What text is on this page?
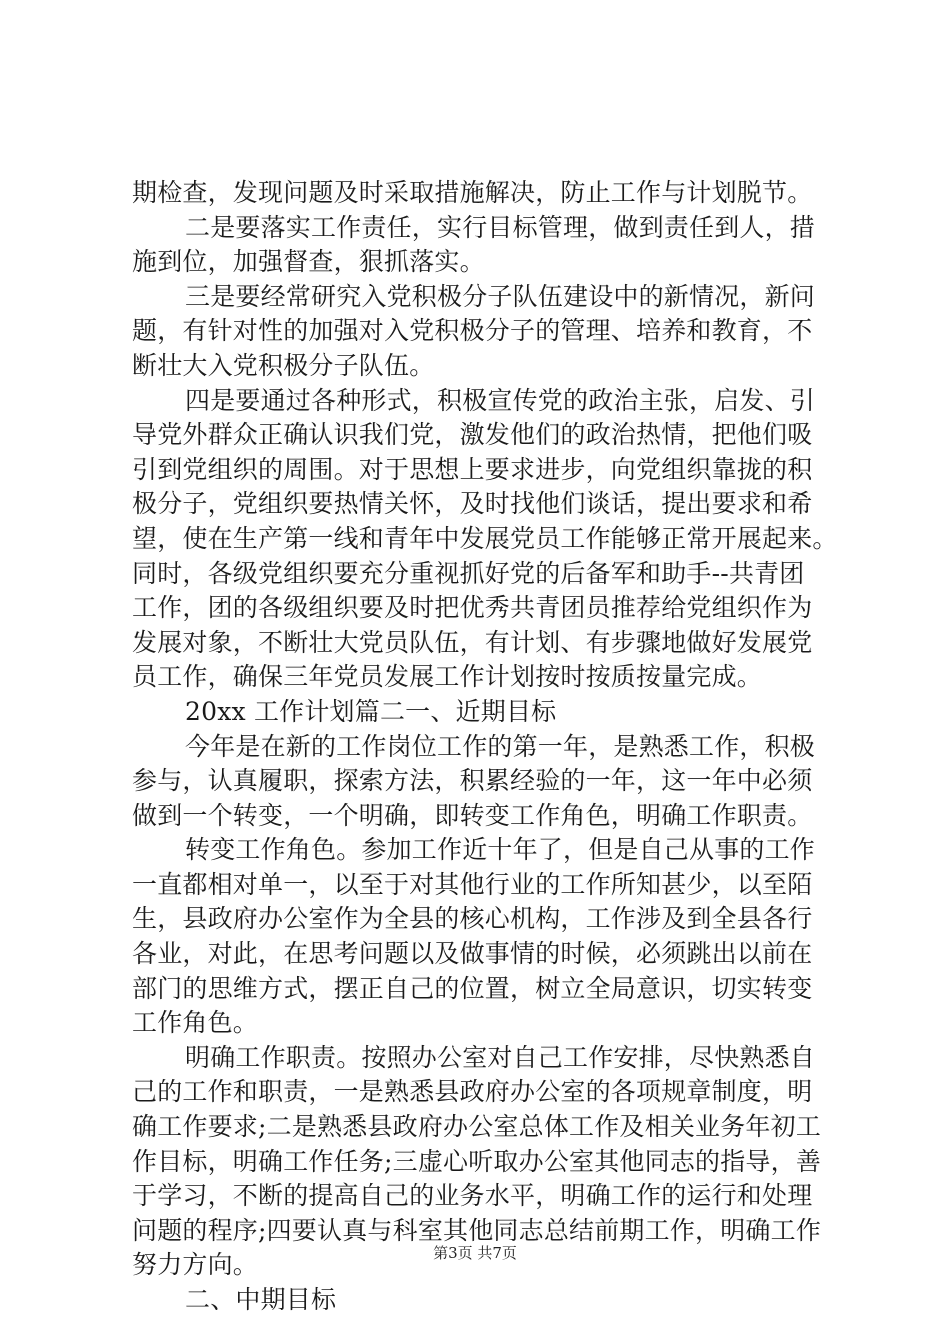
期检查，发现问题及时采取措施解决，防止工作与计划脱节。
二是要落实工作责任，实行目标管理，做到责任到人，措
施到位，加强督查，狠抓落实。
三是要经常研究入党积极分子队伍建设中的新情况，新问
题，有针对性的加强对入党积极分子的管理、培养和教育，不
断壮大入党积极分子队伍。
四是要通过各种形式，积极宣传党的政治主张，启发、引
导党外群众正确认识我们党，激发他们的政治热情，把他们吸
引到党组织的周围。对于思想上要求进步，向党组织靠拢的积
极分子，党组织要热情关怀，及时找他们谈话，提出要求和希
望，使在生产第一线和青年中发展党员工作能够正常开展起来。
同时，各级党组织要充分重视抓好党的后备军和助手--共青团
工作，团的各级组织要及时把优秀共青团员推荐给党组织作为
发展对象，不断壮大党员队伍，有计划、有步骤地做好发展党
员工作，确保三年党员发展工作计划按时按质按量完成。
20xx 工作计划篇二一、近期目标
今年是在新的工作岗位工作的第一年，是熟悉工作，积极
参与，认真履职，探索方法，积累经验的一年，这一年中必须
做到一个转变，一个明确，即转变工作角色，明确工作职责。
转变工作角色。参加工作近十年了，但是自己从事的工作
一直都相对单一，以至于对其他行业的工作所知甚少，以至陌
生，县政府办公室作为全县的核心机构，工作涉及到全县各行
各业，对此，在思考问题以及做事情的时候，必须跳出以前在
部门的思维方式，摆正自己的位置，树立全局意识，切实转变
工作角色。
明确工作职责。按照办公室对自己工作安排，尽快熟悉自
己的工作和职责，一是熟悉县政府办公室的各项规章制度，明
确工作要求;二是熟悉县政府办公室总体工作及相关业务年初工
作目标，明确工作任务;三虚心听取办公室其他同志的指导，善
于学习，不断的提高自己的业务水平，明确工作的运行和处理
问题的程序;四要认真与科室其他同志总结前期工作，明确工作
努力方向。
二、中期目标
第3页 共7页
